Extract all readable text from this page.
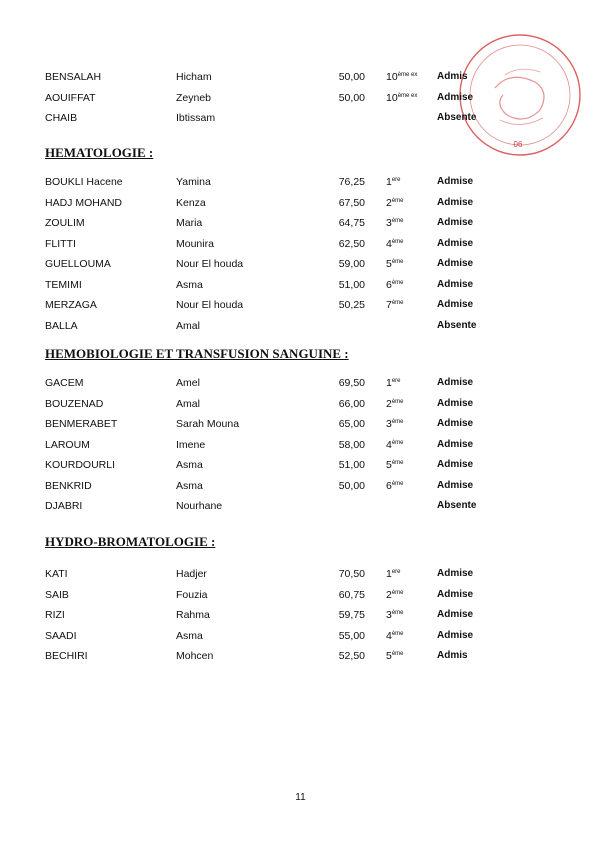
06
BENSALAH	Hicham	50,00 $10^{ème ex}$ Admis
AOUIFFAT	Zeyneb	50,00 $10^{ème ex}$ Admise
CHAIB	Ibtissam	Absente
HEMATOLOGIE :
BOUKLI Hacene	Yamina	76,25 1ere	Admise
HADJ MOHAND	Kenza	67,50 2ème	Admise
ZOULIM	Maria	64,75 3ème	Admise
FLITTI	Mounira	62,50 4ème	Admise
GUELLOUMA	Nour El houda	59,00 5ème	Admise
TEMIMI	Asma	51,00 6ème	Admise
MERZAGA	Nour El houda	50,25 7ème	Admise
BALLA	Amal	Absente
HEMOBIOLOGIE ET TRANSFUSION SANGUINE :
GACEM	Amel	69,50 1ere	Admise
BOUZENAD	Amal	66,00 2ème	Admise
BENMERABET	Sarah Mouna	65,00 3ème	Admise
LAROUM	Imene	58,00 4ème	Admise
KOURDOURLI	Asma	51,00 5ème	Admise
BENKRID	Asma	50,00 6ème	Admise
DJABRI	Nourhane	Absente
HYDRO-BROMATOLOGIE :
KATI	Hadjer	70,50 1ere	Admise
SAIB	Fouzia	60,75 2ème	Admise
RIZI	Rahma	59,75 3ème	Admise
SAADI	Asma	55,00 4ème	Admise
BECHIRI	Mohcen	52,50 5ème	Admis
11
